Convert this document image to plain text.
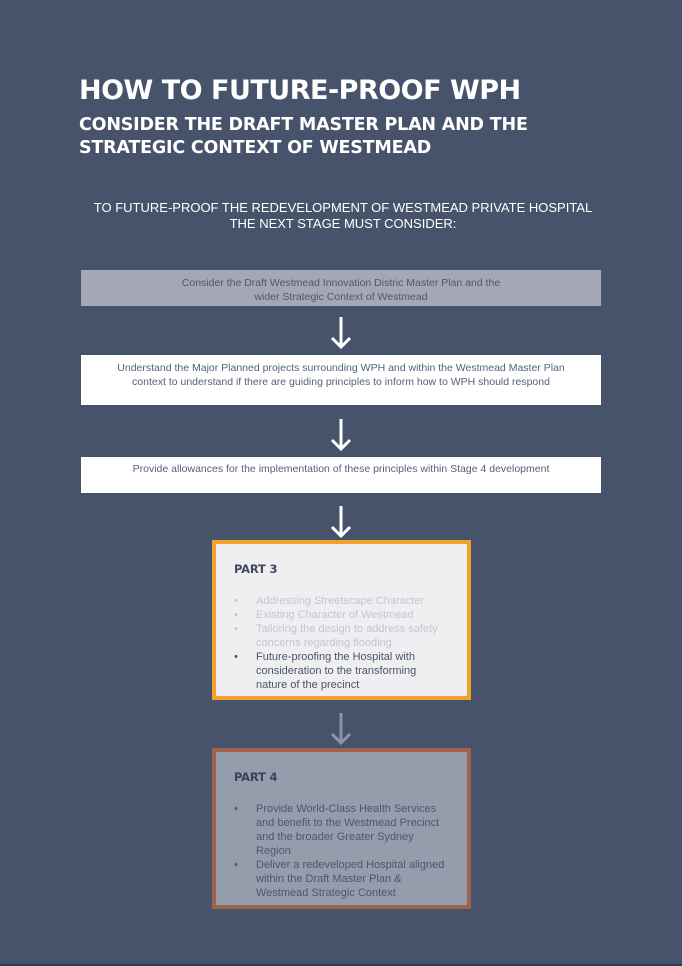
HOW TO FUTURE-PROOF WPH
CONSIDER THE DRAFT MASTER PLAN AND THE STRATEGIC CONTEXT OF WESTMEAD
TO FUTURE-PROOF THE REDEVELOPMENT OF WESTMEAD PRIVATE HOSPITAL
THE NEXT STAGE MUST CONSIDER:
Consider the Draft Westmead Innovation Distric Master Plan and the
wider Strategic Context of Westmead
Understand the Major Planned projects surrounding WPH and within the Westmead Master Plan
context to understand if there are guiding principles to inform how to WPH should respond
Provide allowances for the implementation of these principles within Stage 4 development
PART 3
•	Addressing Streetscape Character
•	Existing Character of Westmead
•	Tailoring the design to address safety concerns regarding flooding
•	Future-proofing the Hospital with consideration to the transforming nature of the precinct
PART 4
•	Provide World-Class Health Services and benefit to the Westmead Precinct and the broader Greater Sydney Region
•	Deliver a redeveloped Hospital aligned within the Draft Master Plan & Westmead Strategic Context
